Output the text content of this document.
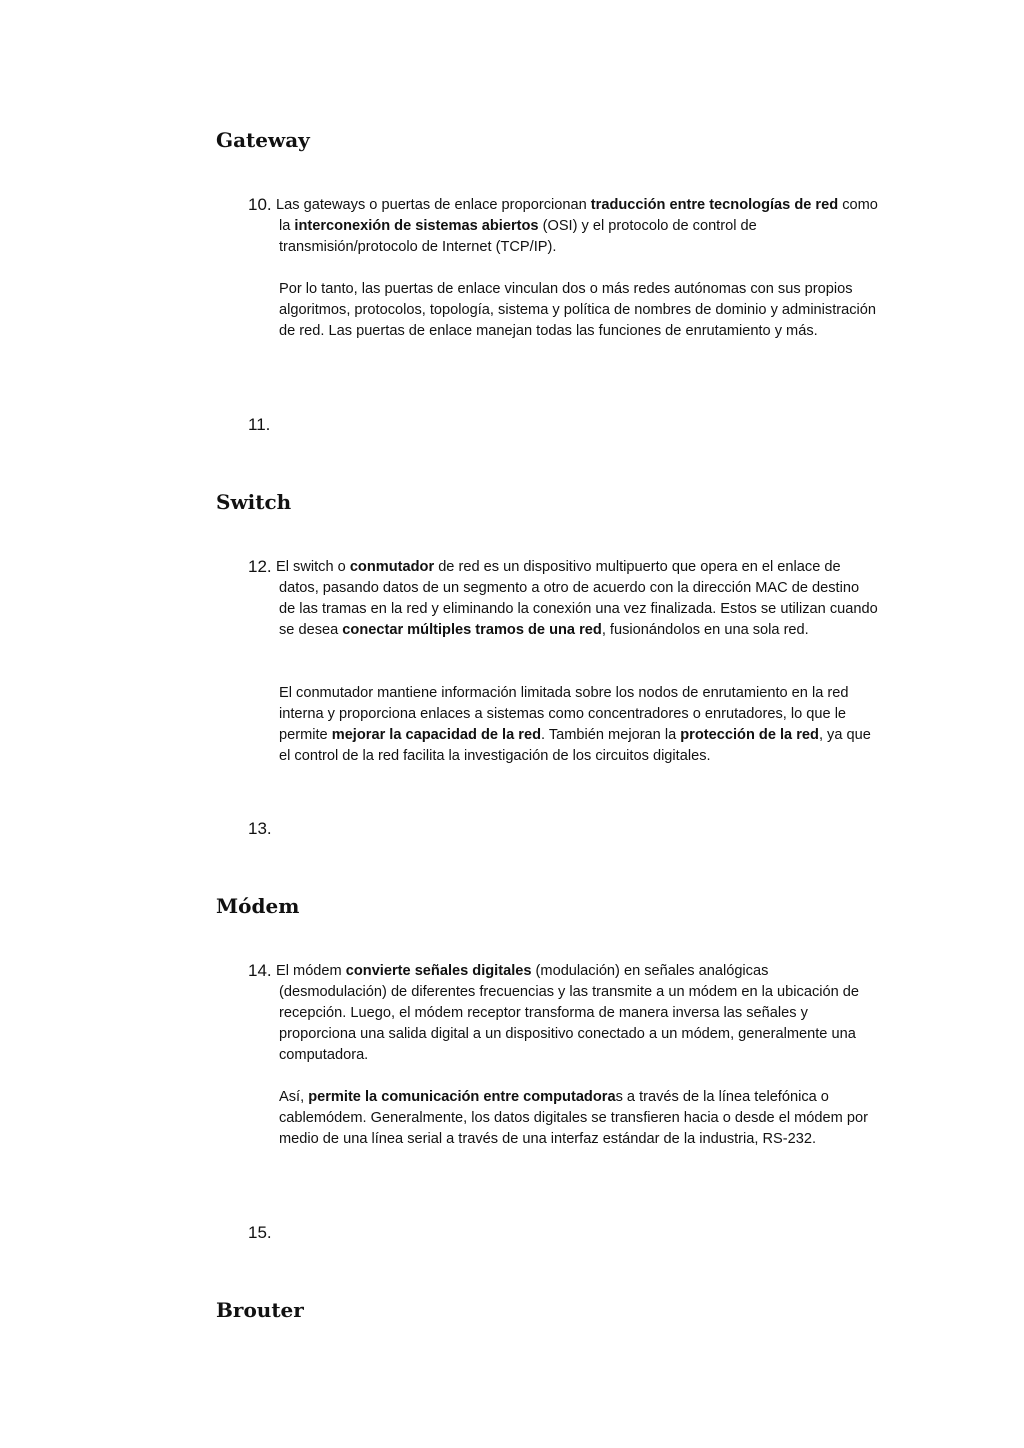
Gateway
10. Las gateways o puertas de enlace proporcionan traducción entre tecnologías de red como la interconexión de sistemas abiertos (OSI) y el protocolo de control de transmisión/protocolo de Internet (TCP/IP).

Por lo tanto, las puertas de enlace vinculan dos o más redes autónomas con sus propios algoritmos, protocolos, topología, sistema y política de nombres de dominio y administración de red. Las puertas de enlace manejan todas las funciones de enrutamiento y más.

11.
Switch
12. El switch o conmutador de red es un dispositivo multipuerto que opera en el enlace de datos, pasando datos de un segmento a otro de acuerdo con la dirección MAC de destino de las tramas en la red y eliminando la conexión una vez finalizada. Estos se utilizan cuando se desea conectar múltiples tramos de una red, fusionándolos en una sola red.

El conmutador mantiene información limitada sobre los nodos de enrutamiento en la red interna y proporciona enlaces a sistemas como concentradores o enrutadores, lo que le permite mejorar la capacidad de la red. También mejoran la protección de la red, ya que el control de la red facilita la investigación de los circuitos digitales.

13.
Módem
14. El módem convierte señales digitales (modulación) en señales analógicas (desmodulación) de diferentes frecuencias y las transmite a un módem en la ubicación de recepción. Luego, el módem receptor transforma de manera inversa las señales y proporciona una salida digital a un dispositivo conectado a un módem, generalmente una computadora.

Así, permite la comunicación entre computadoras a través de la línea telefónica o cablemódem. Generalmente, los datos digitales se transfieren hacia o desde el módem por medio de una línea serial a través de una interfaz estándar de la industria, RS-232.

15.
Brouter
